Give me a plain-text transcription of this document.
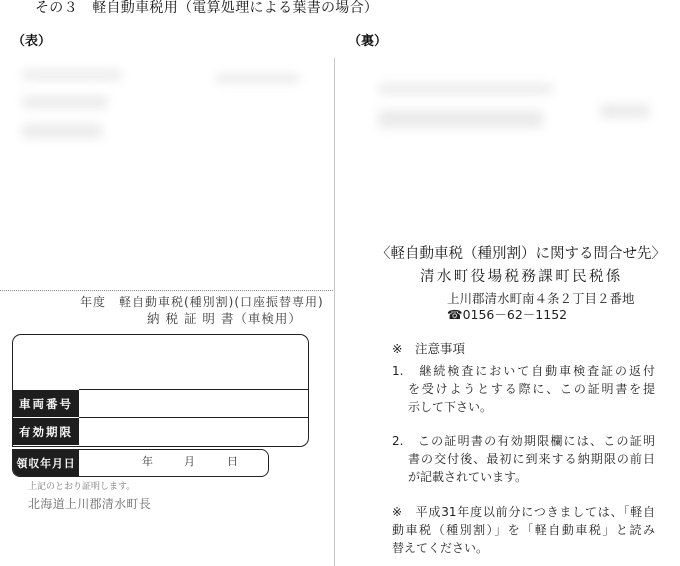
その３　軽自動車税用（電算処理による葉書の場合）
（表）	（裏）
年度　軽自動車税(種別割)(口座振替専用)
納 税 証 明 書（車検用）
車両番号
有効期限
領収年月日	年	月	日
上記のとおり証明します。
北海道上川郡清水町長
〈軽自動車税（種別割）に関する問合せ先〉
清水町役場税務課町民税係
上川郡清水町南４条２丁目２番地
☎0156－62－1152
※　注意事項
1.　継続検査において自動車検査証の返付
を受けようとする際に、この証明書を提
示して下さい。
2.　この証明書の有効期限欄には、この証明
書の交付後、最初に到来する納期限の前日
が記載されています。
※　平成31年度以前分につきましては、「軽自
動車税（種別割）」を「軽自動車税」と読み
替えてください。
